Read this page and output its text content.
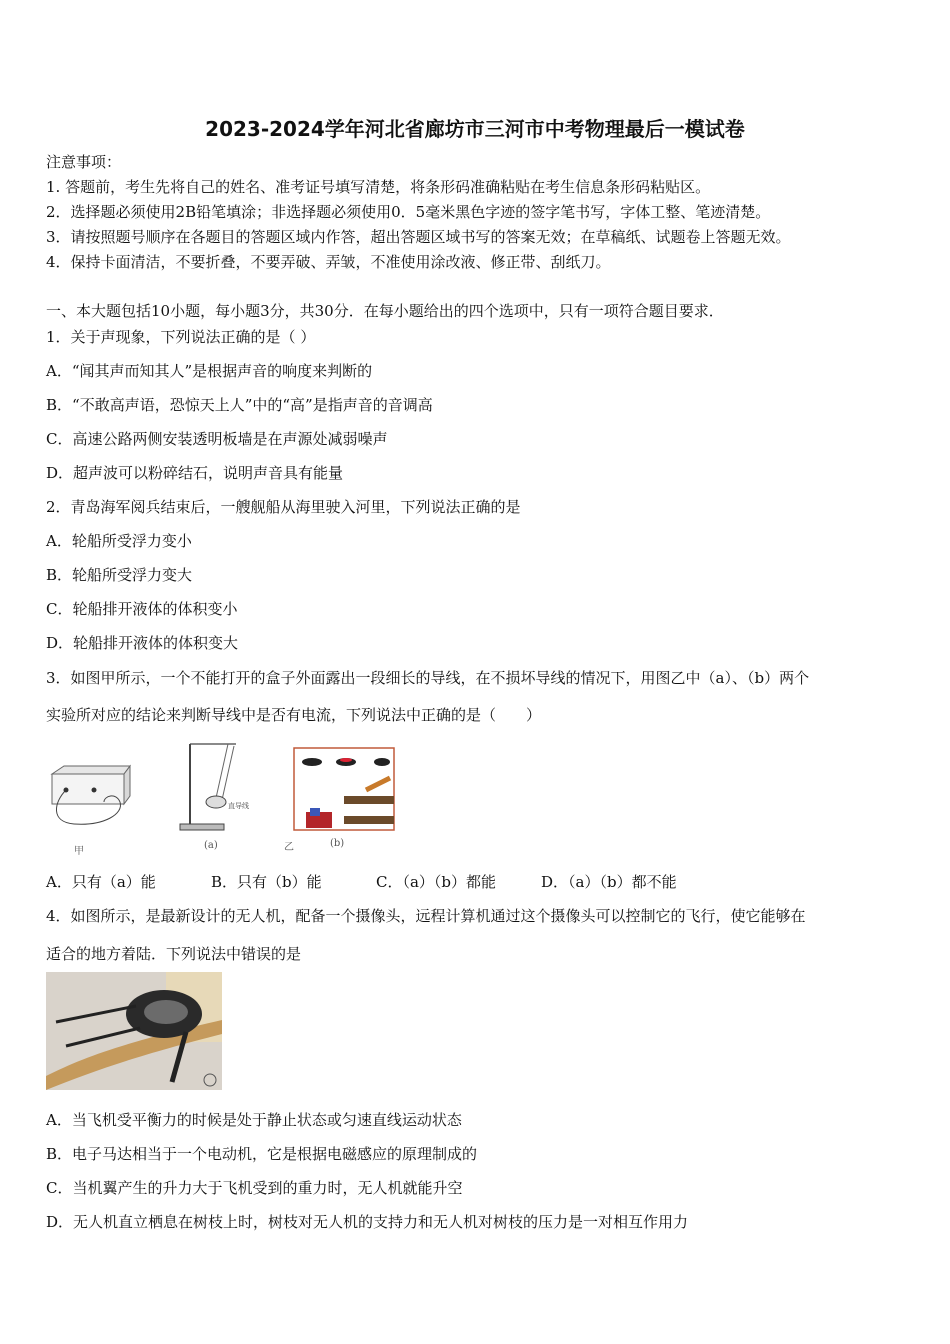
2023-2024学年河北省廊坊市三河市中考物理最后一模试卷
注意事项：
1. 答题前，考生先将自己的姓名、准考证号填写清楚，将条形码准确粘贴在考生信息条形码粘贴区。
2．选择题必须使用2B铅笔填涂；非选择题必须使用0．5毫米黑色字迹的签字笔书写，字体工整、笔迹清楚。
3．请按照题号顺序在各题目的答题区域内作答，超出答题区域书写的答案无效；在草稿纸、试题卷上答题无效。
4．保持卡面清洁，不要折叠，不要弄破、弄皱，不准使用涂改液、修正带、刮纸刀。
一、本大题包括10小题，每小题3分，共30分．在每小题给出的四个选项中，只有一项符合题目要求．
1．关于声现象，下列说法正确的是（ ）
A．“闻其声而知其人”是根据声音的响度来判断的
B．“不敢高声语，恐惊天上人”中的“高”是指声音的音调高
C．高速公路两侧安装透明板墙是在声源处减弱噪声
D．超声波可以粉碎结石，说明声音具有能量
2．青岛海军阅兵结束后，一艘舰船从海里驶入河里，下列说法正确的是
A．轮船所受浮力变小
B．轮船所受浮力变大
C．轮船排开液体的体积变小
D．轮船排开液体的体积变大
3．如图甲所示，一个不能打开的盒子外面露出一段细长的导线，在不损坏导线的情况下，用图乙中（a）、（b）两个
实验所对应的结论来判断导线中是否有电流，下列说法中正确的是（　　）
甲
直导线
(a)	乙	(b)
A．只有（a）能	B．只有（b）能	C．（a）（b）都能	D．（a）（b）都不能
4．如图所示，是最新设计的无人机，配备一个摄像头，远程计算机通过这个摄像头可以控制它的飞行，使它能够在
适合的地方着陆．下列说法中错误的是
A．当飞机受平衡力的时候是处于静止状态或匀速直线运动状态
B．电子马达相当于一个电动机，它是根据电磁感应的原理制成的
C．当机翼产生的升力大于飞机受到的重力时，无人机就能升空
D．无人机直立栖息在树枝上时，树枝对无人机的支持力和无人机对树枝的压力是一对相互作用力
